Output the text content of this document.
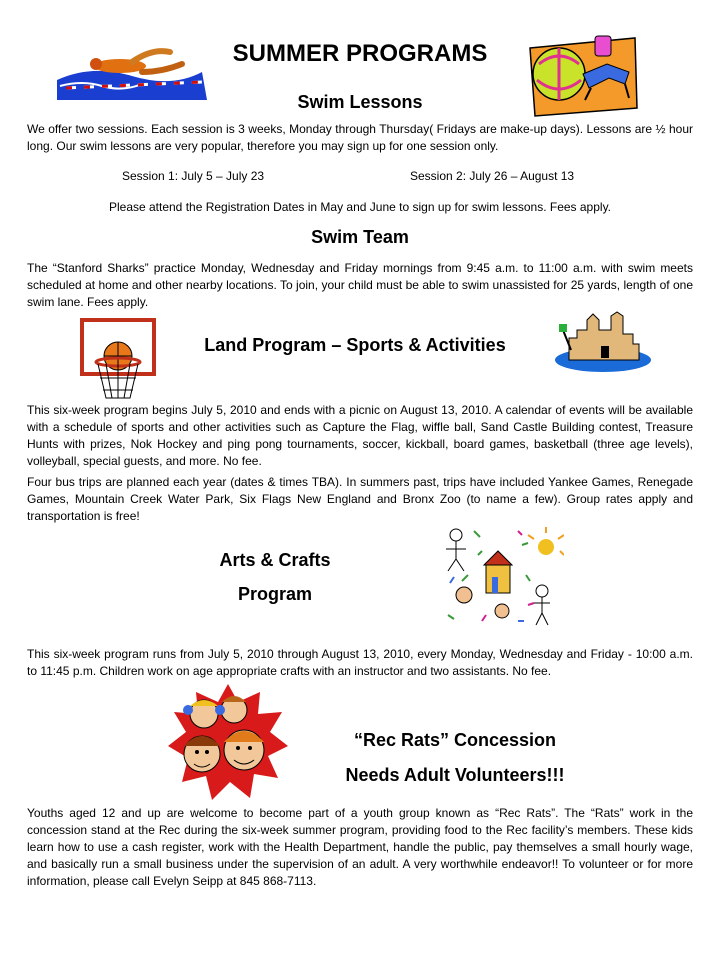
SUMMER PROGRAMS
Swim Lessons
We offer two sessions. Each session is 3 weeks, Monday through Thursday( Fridays are make-up days). Lessons are ½ hour long. Our swim lessons are very popular, therefore you may sign up for one session only.
Session 1: July 5 – July 23	Session 2: July 26 – August 13
Please attend the Registration Dates in May and June to sign up for swim lessons. Fees apply.
Swim Team
The “Stanford Sharks” practice Monday, Wednesday and Friday mornings from 9:45 a.m. to 11:00 a.m. with swim meets scheduled at home and other nearby locations. To join, your child must be able to swim unassisted for 25 yards, length of one swim lane. Fees apply.
Land Program – Sports & Activities
This six-week program begins July 5, 2010 and ends with a picnic on August 13, 2010. A calendar of events will be available with a schedule of sports and other activities such as Capture the Flag, wiffle ball, Sand Castle Building contest, Treasure Hunts with prizes, Nok Hockey and ping pong tournaments, soccer, kickball, board games, basketball (three age levels), volleyball, special guests, and more. No fee.
Four bus trips are planned each year (dates & times TBA). In summers past, trips have included Yankee Games, Renegade Games, Mountain Creek Water Park, Six Flags New England and Bronx Zoo (to name a few). Group rates apply and transportation is free!
Arts & Crafts
Program
This six-week program runs from July 5, 2010 through August 13, 2010, every Monday, Wednesday and Friday - 10:00 a.m. to 11:45 p.m. Children work on age appropriate crafts with an instructor and two assistants. No fee.
“Rec Rats” Concession
Needs Adult Volunteers!!!
Youths aged 12 and up are welcome to become part of a youth group known as “Rec Rats”. The “Rats” work in the concession stand at the Rec during the six-week summer program, providing food to the Rec facility’s members. These kids learn how to use a cash register, work with the Health Department, handle the public, pay themselves a small hourly wage, and basically run a small business under the supervision of an adult. A very worthwhile endeavor!! To volunteer or for more information, please call Evelyn Seipp at 845 868-7113.
